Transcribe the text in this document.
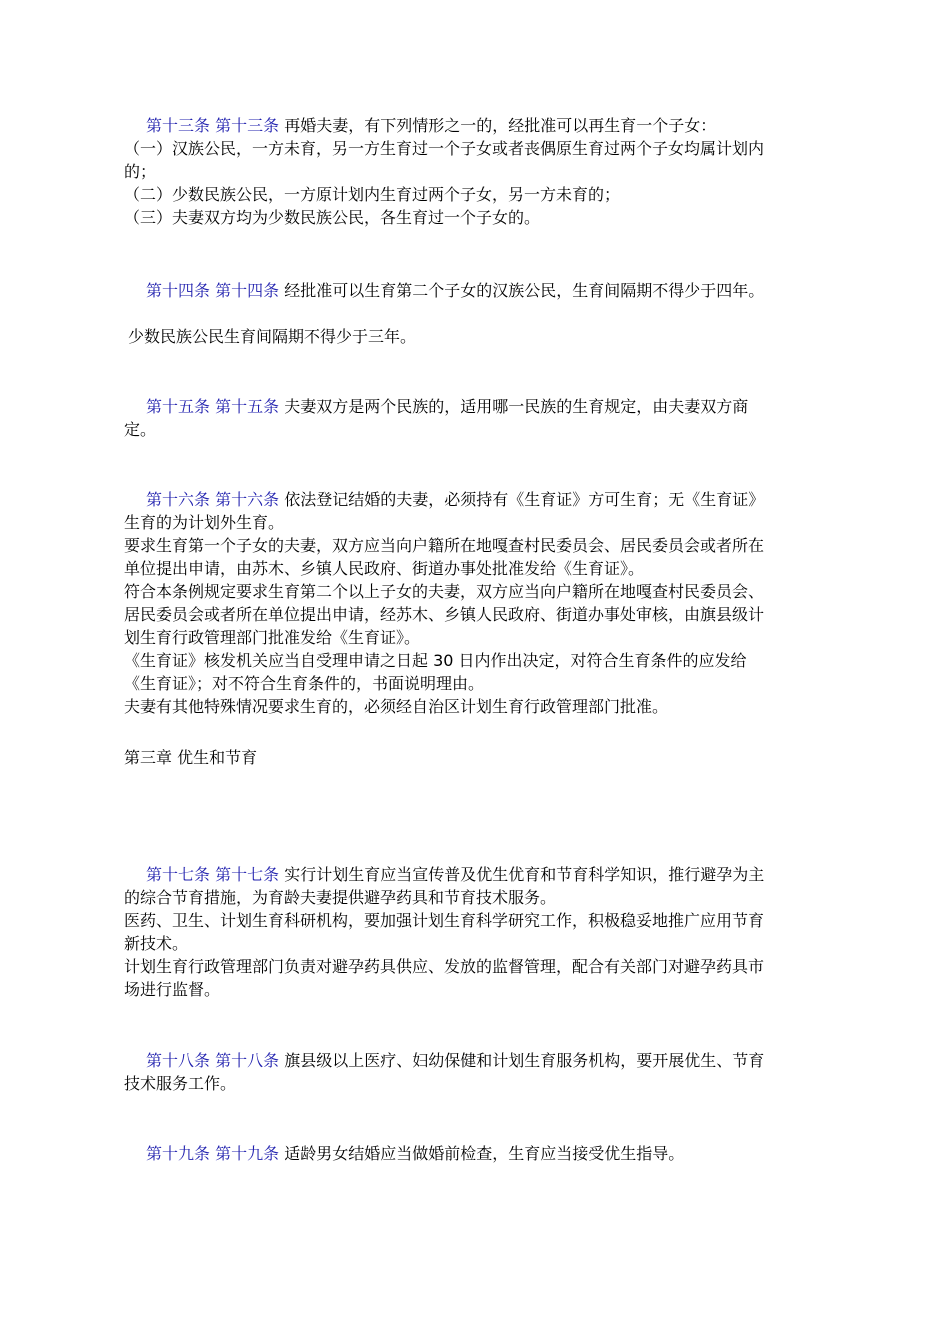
第十三条 第十三条 再婚夫妻，有下列情形之一的，经批准可以再生育一个子女：
（一）汉族公民，一方未育，另一方生育过一个子女或者丧偶原生育过两个子女均属计划内
的；
（二）少数民族公民，一方原计划内生育过两个子女，另一方未育的；
（三）夫妻双方均为少数民族公民，各生育过一个子女的。
第十四条 第十四条 经批准可以生育第二个子女的汉族公民，生育间隔期不得少于四年。
少数民族公民生育间隔期不得少于三年。
第十五条 第十五条 夫妻双方是两个民族的，适用哪一民族的生育规定，由夫妻双方商
定。
第十六条 第十六条 依法登记结婚的夫妻，必须持有《生育证》方可生育；无《生育证》
生育的为计划外生育。
要求生育第一个子女的夫妻，双方应当向户籍所在地嘎查村民委员会、居民委员会或者所在
单位提出申请，由苏木、乡镇人民政府、街道办事处批准发给《生育证》。
符合本条例规定要求生育第二个以上子女的夫妻，双方应当向户籍所在地嘎查村民委员会、
居民委员会或者所在单位提出申请，经苏木、乡镇人民政府、街道办事处审核，由旗县级计
划生育行政管理部门批准发给《生育证》。
《生育证》核发机关应当自受理申请之日起 30 日内作出决定，对符合生育条件的应发给
《生育证》；对不符合生育条件的，书面说明理由。
夫妻有其他特殊情况要求生育的，必须经自治区计划生育行政管理部门批准。
第三章 优生和节育
第十七条 第十七条 实行计划生育应当宣传普及优生优育和节育科学知识，推行避孕为主
的综合节育措施，为育龄夫妻提供避孕药具和节育技术服务。
医药、卫生、计划生育科研机构，要加强计划生育科学研究工作，积极稳妥地推广应用节育
新技术。
计划生育行政管理部门负责对避孕药具供应、发放的监督管理，配合有关部门对避孕药具市
场进行监督。
第十八条 第十八条 旗县级以上医疗、妇幼保健和计划生育服务机构，要开展优生、节育
技术服务工作。
第十九条 第十九条 适龄男女结婚应当做婚前检查，生育应当接受优生指导。
